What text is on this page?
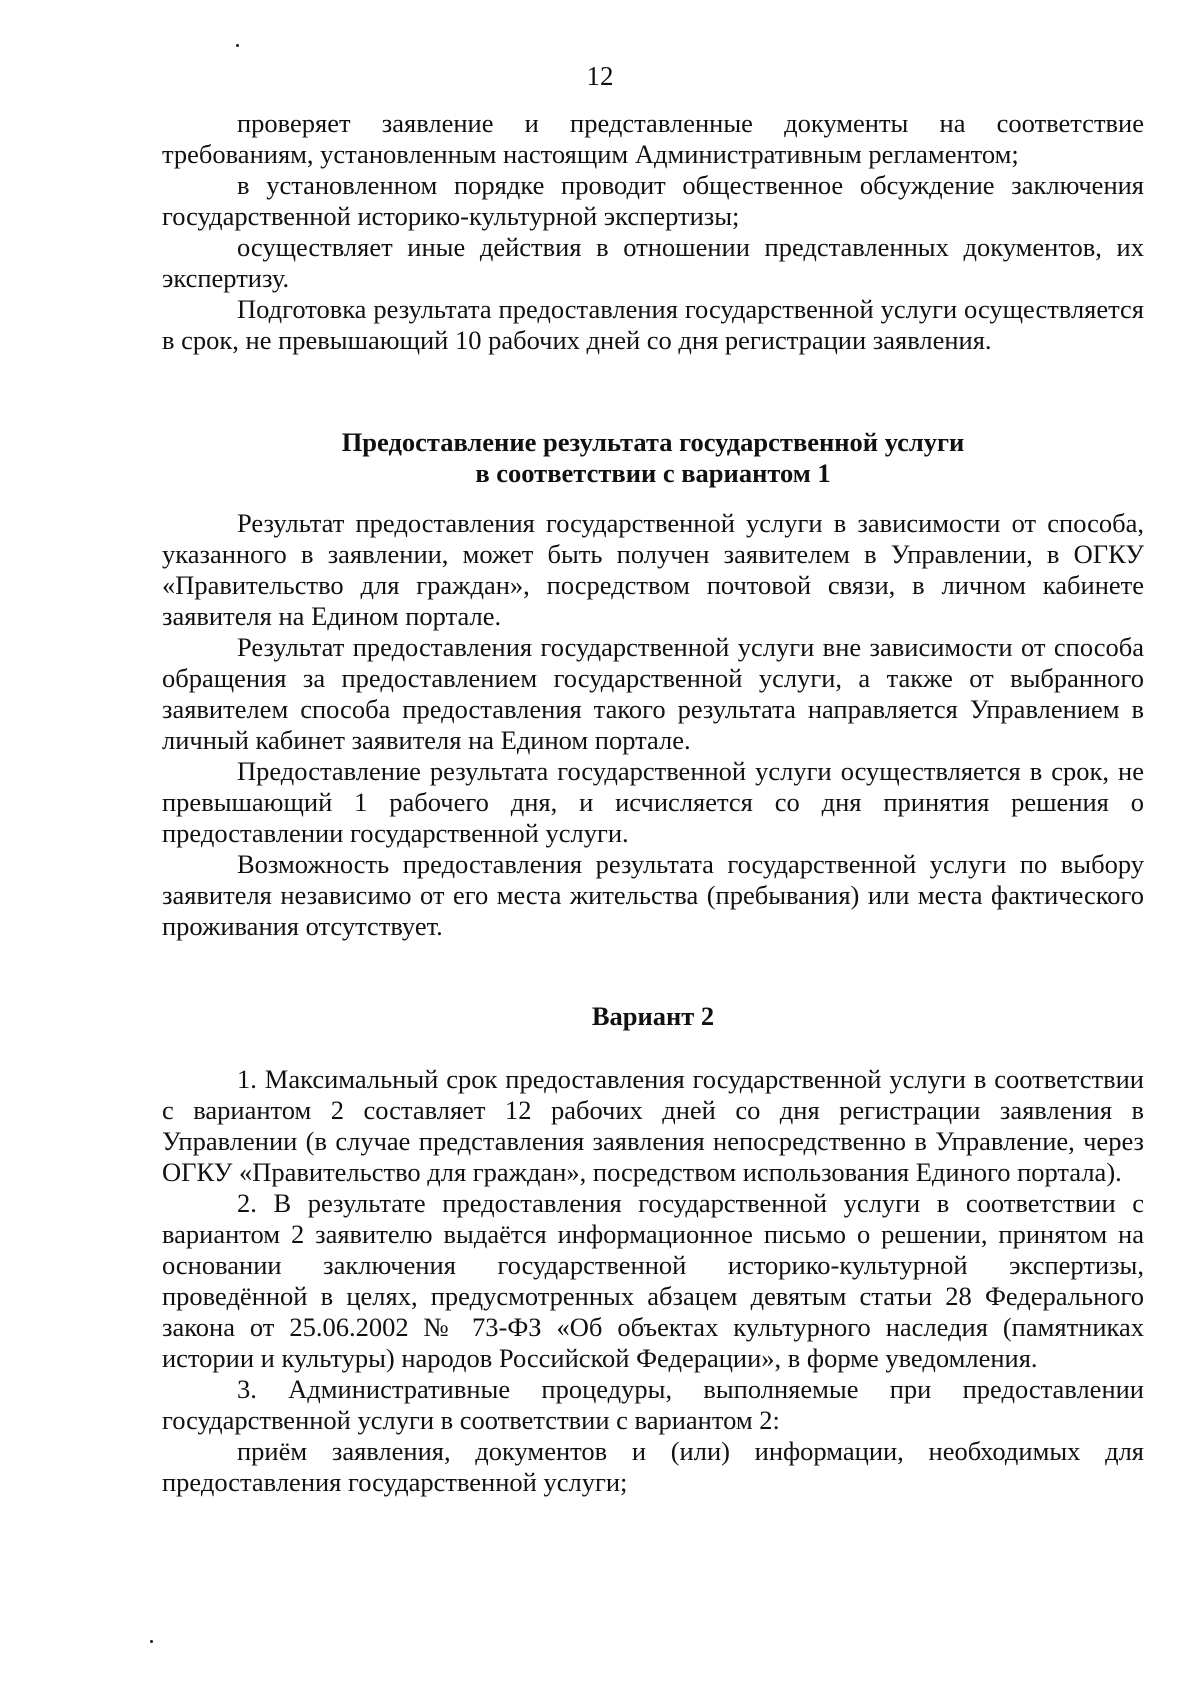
12

проверяет заявление и представленные документы на соответствие требованиям, установленным настоящим Административным регламентом;

в установленном порядке проводит общественное обсуждение заключения государственной историко-культурной экспертизы;

осуществляет иные действия в отношении представленных документов, их экспертизу.

Подготовка результата предоставления государственной услуги осуществляется в срок, не превышающий 10 рабочих дней со дня регистрации заявления.

Предоставление результата государственной услуги
в соответствии с вариантом 1

Результат предоставления государственной услуги в зависимости от способа, указанного в заявлении, может быть получен заявителем в Управлении, в ОГКУ «Правительство для граждан», посредством почтовой связи, в личном кабинете заявителя на Едином портале.

Результат предоставления государственной услуги вне зависимости от способа обращения за предоставлением государственной услуги, а также от выбранного заявителем способа предоставления такого результата направляется Управлением в личный кабинет заявителя на Едином портале.

Предоставление результата государственной услуги осуществляется в срок, не превышающий 1 рабочего дня, и исчисляется со дня принятия решения о предоставлении государственной услуги.

Возможность предоставления результата государственной услуги по выбору заявителя независимо от его места жительства (пребывания) или места фактического проживания отсутствует.

Вариант 2

1. Максимальный срок предоставления государственной услуги в соответствии с вариантом 2 составляет 12 рабочих дней со дня регистрации заявления в Управлении (в случае представления заявления непосредственно в Управление, через ОГКУ «Правительство для граждан», посредством использования Единого портала).

2. В результате предоставления государственной услуги в соответствии с вариантом 2 заявителю выдаётся информационное письмо о решении, принятом на основании заключения государственной историко-культурной экспертизы, проведённой в целях, предусмотренных абзацем девятым статьи 28 Федерального закона от 25.06.2002 № 73-ФЗ «Об объектах культурного наследия (памятниках истории и культуры) народов Российской Федерации», в форме уведомления.

3. Административные процедуры, выполняемые при предоставлении государственной услуги в соответствии с вариантом 2:

приём заявления, документов и (или) информации, необходимых для предоставления государственной услуги;
